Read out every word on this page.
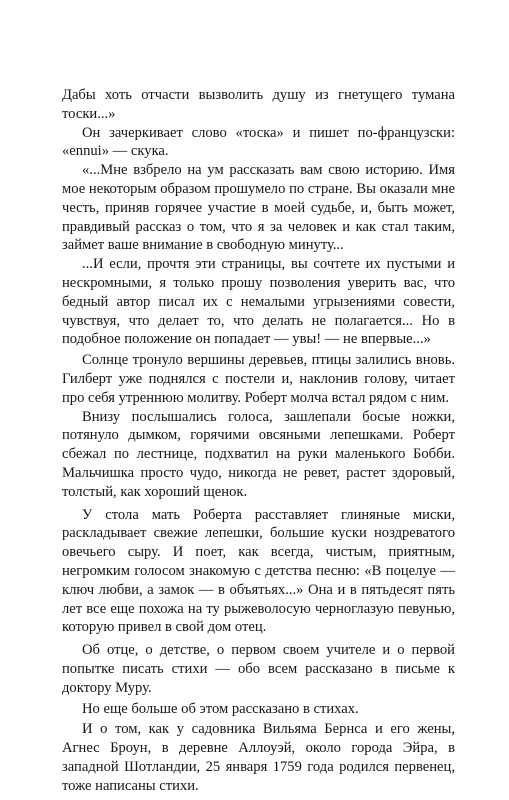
Дабы хоть отчасти вызволить душу из гнетущего тумана тоски...»

Он зачеркивает слово «тоска» и пишет по-французски: «ennui» — скука.

«...Мне взбрело на ум рассказать вам свою историю. Имя мое некоторым образом прошумело по стране. Вы оказали мне честь, приняв горячее участие в моей судьбе, и, быть может, правдивый рассказ о том, что я за человек и как стал таким, займет ваше внимание в свободную минуту...

...И если, прочтя эти страницы, вы сочтете их пустыми и нескромными, я только прошу позволения уверить вас, что бедный автор писал их с немалыми угрызениями совести, чувствуя, что делает то, что делать не полагается... Но в подобное положение он попадает — увы! — не впервые...»

Солнце тронуло вершины деревьев, птицы залились вновь. Гилберт уже поднялся с постели и, наклонив голову, читает про себя утреннюю молитву. Роберт молча встал рядом с ним.

Внизу послышались голоса, зашлепали босые ножки, потянуло дымком, горячими овсяными лепешками. Роберт сбежал по лестнице, подхватил на руки маленького Бобби. Мальчишка просто чудо, никогда не ревет, растет здоровый, толстый, как хороший щенок.

У стола мать Роберта расставляет глиняные миски, раскладывает свежие лепешки, большие куски ноздреватого овечьего сыру. И поет, как всегда, чистым, приятным, негромким голосом знакомую с детства песню: «В поцелуе — ключ любви, а замок — в объятьях...» Она и в пятьдесят пять лет все еще похожа на ту рыжеволосую черноглазую певунью, которую привел в свой дом отец.

Об отце, о детстве, о первом своем учителе и о первой попытке писать стихи — обо всем рассказано в письме к доктору Муру.

Но еще больше об этом рассказано в стихах.

И о том, как у садовника Вильяма Бернса и его жены, Агнес Броун, в деревне Аллоуэй, около города Эйра, в западной Шотландии, 25 января 1759 года родился первенец, тоже написаны стихи.
